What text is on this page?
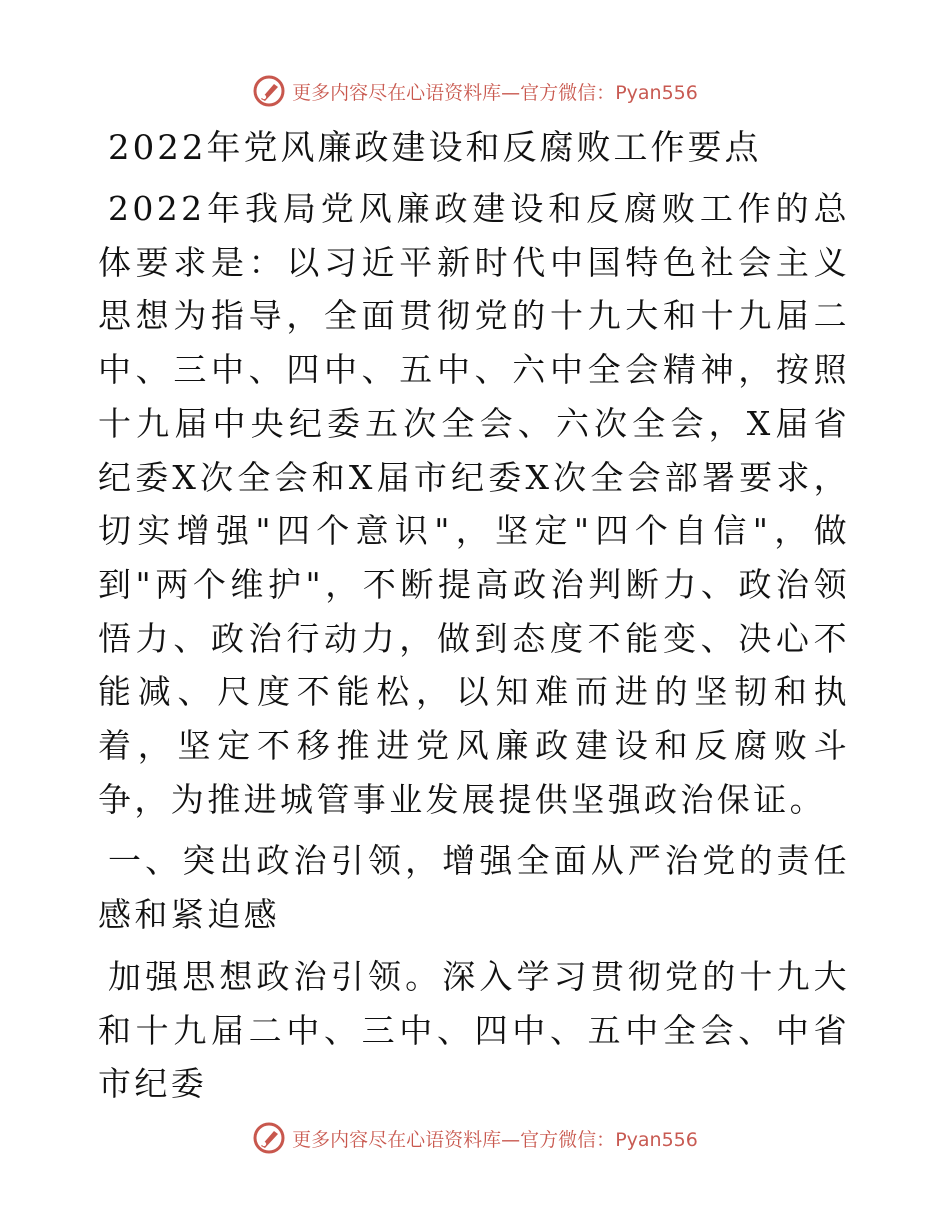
更多内容尽在心语资料库—官方微信：Pyan556
2022年党风廉政建设和反腐败工作要点

2022年我局党风廉政建设和反腐败工作的总体要求是：以习近平新时代中国特色社会主义思想为指导，全面贯彻党的十九大和十九届二中、三中、四中、五中、六中全会精神，按照十九届中央纪委五次全会、六次全会，X届省纪委X次全会和X届市纪委X次全会部署要求，切实增强"四个意识"，坚定"四个自信"，做到"两个维护"，不断提高政治判断力、政治领悟力、政治行动力，做到态度不能变、决心不能减、尺度不能松，以知难而进的坚韧和执着，坚定不移推进党风廉政建设和反腐败斗争，为推进城管事业发展提供坚强政治保证。

一、突出政治引领，增强全面从严治党的责任感和紧迫感

加强思想政治引领。深入学习贯彻党的十九大和十九届二中、三中、四中、五中全会、中省市纪委

更多内容尽在心语资料库—官方微信：Pyan556
